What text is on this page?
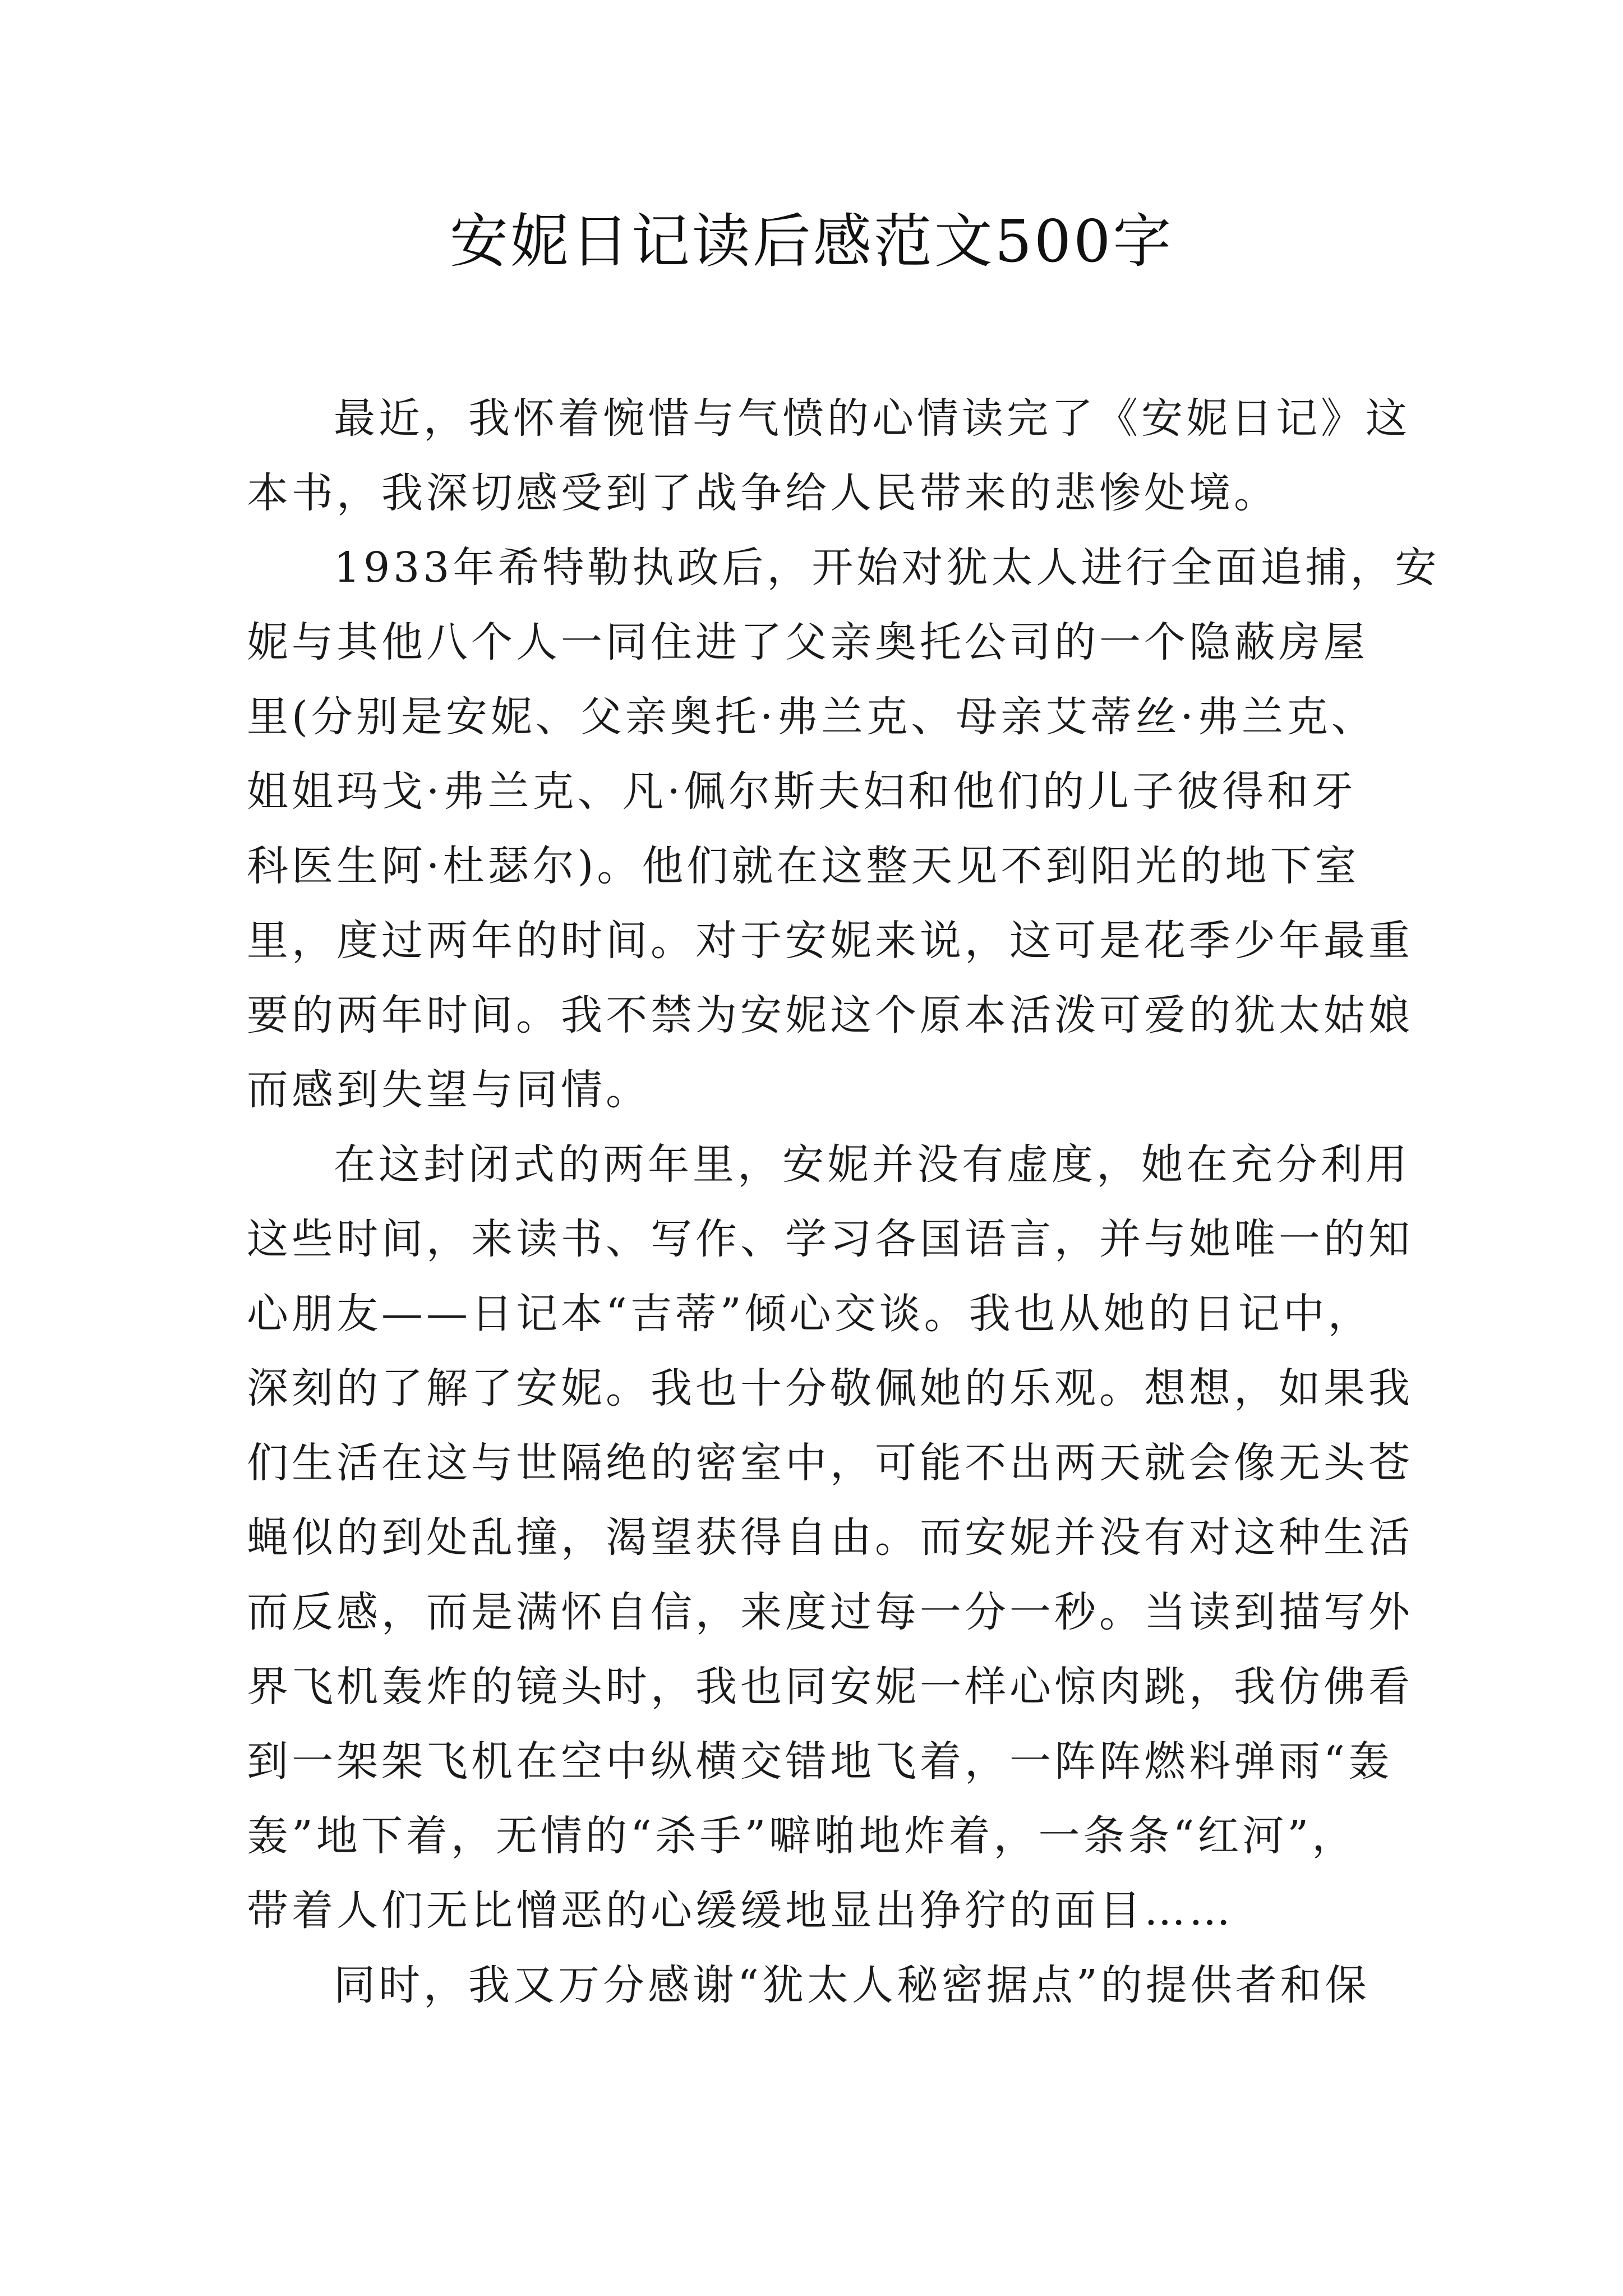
安妮日记读后感范文500字
最近，我怀着惋惜与气愤的心情读完了《安妮日记》这
本书，我深切感受到了战争给人民带来的悲惨处境。
1933年希特勒执政后，开始对犹太人进行全面追捕，安
妮与其他八个人一同住进了父亲奥托公司的一个隐蔽房屋
里(分别是安妮、父亲奥托·弗兰克、母亲艾蒂丝·弗兰克、
姐姐玛戈·弗兰克、凡·佩尔斯夫妇和他们的儿子彼得和牙
科医生阿·杜瑟尔)。他们就在这整天见不到阳光的地下室
里，度过两年的时间。对于安妮来说，这可是花季少年最重
要的两年时间。我不禁为安妮这个原本活泼可爱的犹太姑娘
而感到失望与同情。
在这封闭式的两年里，安妮并没有虚度，她在充分利用
这些时间，来读书、写作、学习各国语言，并与她唯一的知
心朋友——日记本“吉蒂”倾心交谈。我也从她的日记中，
深刻的了解了安妮。我也十分敬佩她的乐观。想想，如果我
们生活在这与世隔绝的密室中，可能不出两天就会像无头苍
蝇似的到处乱撞，渴望获得自由。而安妮并没有对这种生活
而反感，而是满怀自信，来度过每一分一秒。当读到描写外
界飞机轰炸的镜头时，我也同安妮一样心惊肉跳，我仿佛看
到一架架飞机在空中纵横交错地飞着，一阵阵燃料弹雨“轰
轰”地下着，无情的“杀手”噼啪地炸着，一条条“红河”，
带着人们无比憎恶的心缓缓地显出狰狞的面目……
同时，我又万分感谢“犹太人秘密据点”的提供者和保
